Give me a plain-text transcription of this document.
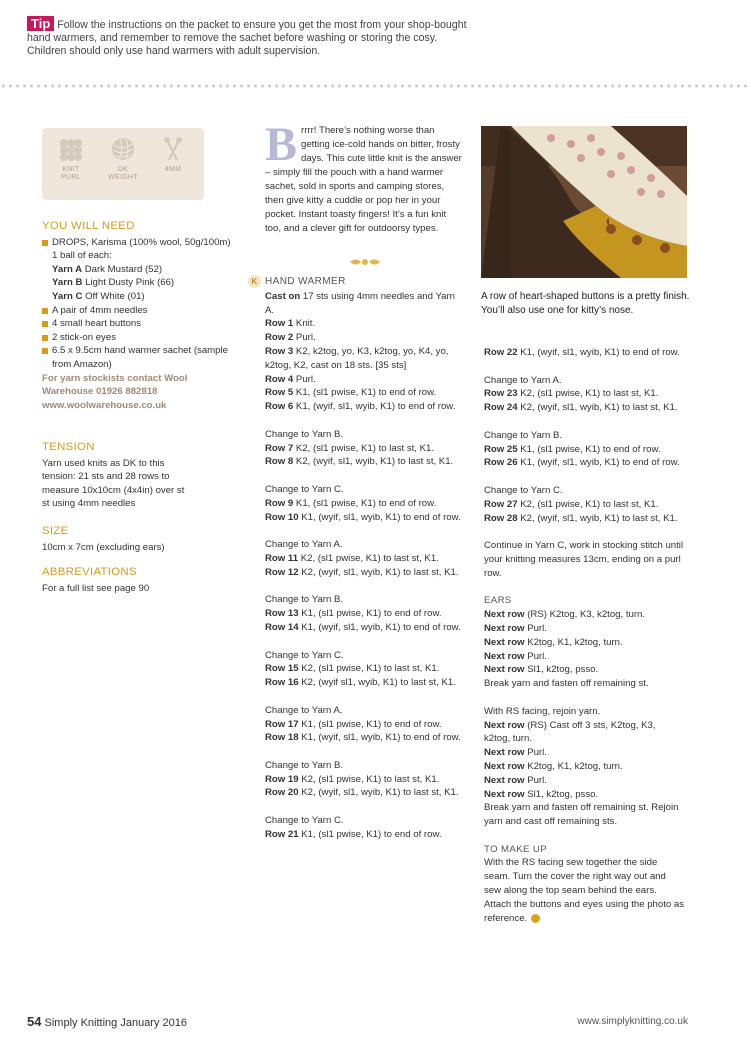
Tip Follow the instructions on the packet to ensure you get the most from your shop-bought hand warmers, and remember to remove the sachet before washing or storing the cosy. Children should only use hand warmers with adult supervision.
KNIT
PURL
DK
WEIGHT
4MM
YOU WILL NEED
DROPS, Karisma (100% wool, 50g/100m)
1 ball of each:
Yarn A Dark Mustard (52)
Yarn B Light Dusty Pink (66)
Yarn C Off White (01)
A pair of 4mm needles
4 small heart buttons
2 stick-on eyes
6.5 x 9.5cm hand warmer sachet (sample from Amazon)
For yarn stockists contact Wool Warehouse 01926 882818 www.woolwarehouse.co.uk
TENSION
Yarn used knits as DK to this tension: 21 sts and 28 rows to measure 10x10cm (4x4in) over st st using 4mm needles
SIZE
10cm x 7cm (excluding ears)
ABBREVIATIONS
For a full list see page 90
Brrrr! There’s nothing worse than getting ice-cold hands on bitter, frosty days. This cute little knit is the answer – simply fill the pouch with a hand warmer sachet, sold in sports and camping stores, then give kitty a cuddle or pop her in your pocket. Instant toasty fingers! It’s a fun knit too, and a clever gift for outdoorsy types.
K HAND WARMER

Cast on 17 sts using 4mm needles and Yarn A.
Row 1 Knit.
Row 2 Purl.
Row 3 K2, k2tog, yo, K3, k2tog, yo, K4, yo, k2tog, K2, cast on 18 sts. [35 sts]
Row 4 Purl.
Row 5 K1, (sl1 pwise, K1) to end of row.
Row 6 K1, (wyif, sl1, wyib, K1) to end of row.

Change to Yarn B.
Row 7 K2, (sl1 pwise, K1) to last st, K1.
Row 8 K2, (wyif, sl1, wyib, K1) to last st, K1.

Change to Yarn C.
Row 9 K1, (sl1 pwise, K1) to end of row.
Row 10 K1, (wyif, sl1, wyib, K1) to end of row.

Change to Yarn A.
Row 11 K2, (sl1 pwise, K1) to last st, K1.
Row 12 K2, (wyif, sl1, wyib, K1) to last st, K1.

Change to Yarn B.
Row 13 K1, (sl1 pwise, K1) to end of row.
Row 14 K1, (wyif, sl1, wyib, K1) to end of row.

Change to Yarn C.
Row 15 K2, (sl1 pwise, K1) to last st, K1.
Row 16 K2, (wyif sl1, wyib, K1) to last st, K1.

Change to Yarn A.
Row 17 K1, (sl1 pwise, K1) to end of row.
Row 18 K1, (wyif, sl1, wyib, K1) to end of row.

Change to Yarn B.
Row 19 K2, (sl1 pwise, K1) to last st, K1.
Row 20 K2, (wyif, sl1, wyib, K1) to last st, K1.

Change to Yarn C.
Row 21 K1, (sl1 pwise, K1) to end of row.

A row of heart-shaped buttons is a pretty finish. You’ll also use one for kitty’s nose.

Row 22 K1, (wyif, sl1, wyib, K1) to end of row.

Change to Yarn A.
Row 23 K2, (sl1 pwise, K1) to last st, K1.
Row 24 K2, (wyif, sl1, wyib, K1) to last st, K1.

Change to Yarn B.
Row 25 K1, (sl1 pwise, K1) to end of row.
Row 26 K1, (wyif, sl1, wyib, K1) to end of row.

Change to Yarn C.
Row 27 K2, (sl1 pwise, K1) to last st, K1.
Row 28 K2, (wyif, sl1, wyib, K1) to last st, K1.

Continue in Yarn C, work in stocking stitch until your knitting measures 13cm, ending on a purl row.

EARS

Next row (RS) K2tog, K3, k2tog, turn.
Next row Purl.
Next row K2tog, K1, k2tog, turn.
Next row Purl.
Next row Sl1, k2tog, psso.
Break yarn and fasten off remaining st.

With RS facing, rejoin yarn.
Next row (RS) Cast off 3 sts, K2tog, K3, k2tog, turn.
Next row Purl.
Next row K2tog, K1, k2tog, turn.
Next row Purl.
Next row Sl1, k2tog, psso.
Break yarn and fasten off remaining st. Rejoin yarn and cast off remaining sts.

TO MAKE UP
With the RS facing sew together the side seam. Turn the cover the right way out and sew along the top seam behind the ears. Attach the buttons and eyes using the photo as reference.
54 Simply Knitting January 2016	www.simplyknitting.co.uk
